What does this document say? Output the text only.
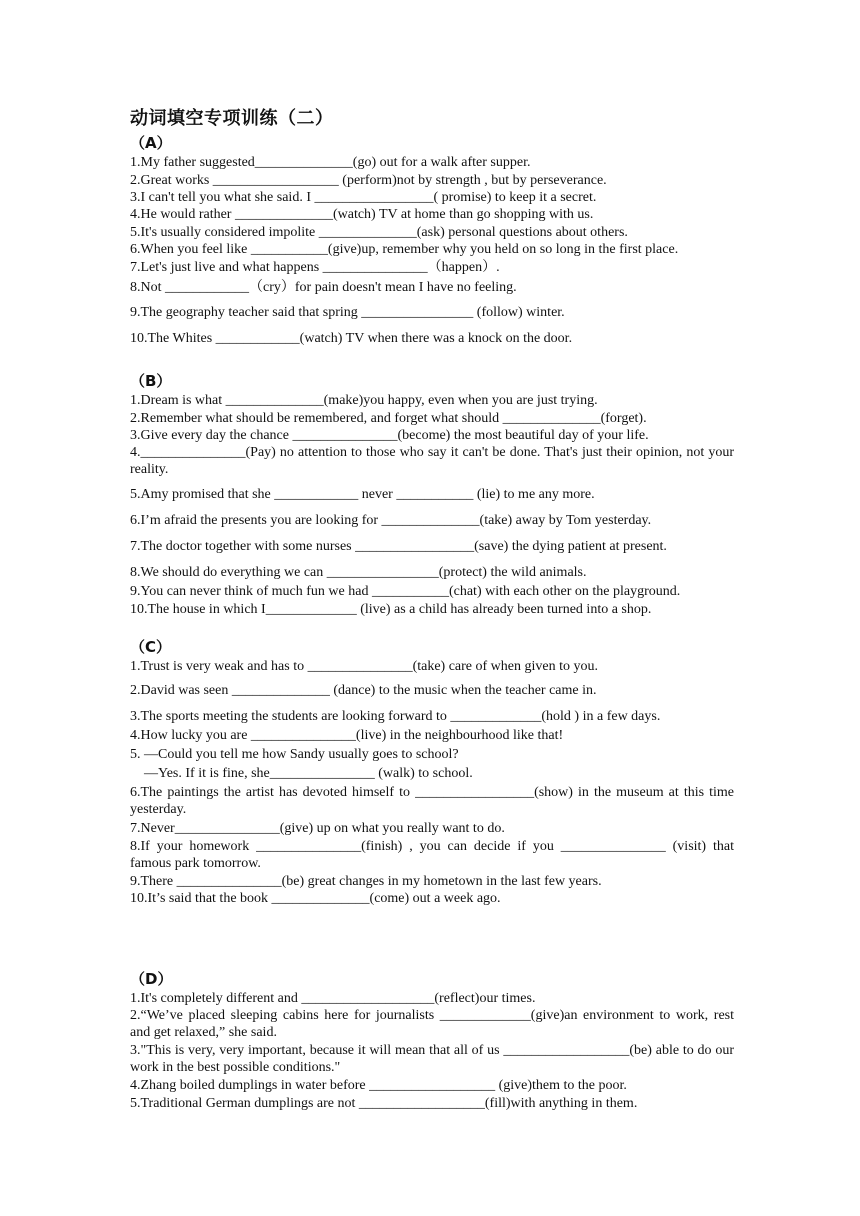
动词填空专项训练（二）
（A）
1.My father suggested______________(go) out for a walk after supper.
2.Great works __________________ (perform)not by strength , but by perseverance.
3.I can't tell you what she said. I _________________( promise) to keep it a secret.
4.He would rather ______________(watch) TV at home than go shopping with us.
5.It's usually considered impolite ______________(ask) personal questions about others.
6.When you feel like ___________(give)up, remember why you held on so long in the first place.
7.Let's just live and what happens _______________（happen）.
8.Not ____________（cry）for pain doesn't mean I have no feeling.
9.The geography teacher said that spring ________________ (follow) winter.
10.The Whites ____________(watch) TV when there was a knock on the door.
（B）
1.Dream is what ______________(make)you happy, even when you are just trying.
2.Remember what should be remembered, and forget what should ______________(forget).
3.Give every day the chance _______________(become) the most beautiful day of your life.
4._______________(Pay) no attention to those who say it can't be done. That's just their opinion, not your reality.
5.Amy promised that she ____________ never ___________ (lie) to me any more.
6.I’m afraid the presents you are looking for ______________(take) away by Tom yesterday.
7.The doctor together with some nurses _________________(save) the dying patient at present.
8.We should do everything we can ________________(protect) the wild animals.
9.You can never think of much fun we had ___________(chat) with each other on the playground.
10.The house in which I_____________ (live) as a child has already been turned into a shop.
（C）
1.Trust is very weak and has to _______________(take) care of when given to you.
2.David was seen ______________ (dance) to the music when the teacher came in.
3.The sports meeting the students are looking forward to _____________(hold ) in a few days.
4.How lucky you are _______________(live) in the neighbourhood like that!
5. —Could you tell me how Sandy usually goes to school?
—Yes. If it is fine, she_______________ (walk) to school.
6.The paintings the artist has devoted himself to _________________(show) in the museum at this time yesterday.
7.Never_______________(give) up on what you really want to do.
8.If your homework _______________(finish) , you can decide if you _______________ (visit) that famous park tomorrow.
9.There _______________(be) great changes in my hometown in the last few years.
10.It’s said that the book ______________(come) out a week ago.
（D）
1.It's completely different and ___________________(reflect)our times.
2.“We’ve placed sleeping cabins here for journalists _____________(give)an environment to work, rest and get relaxed,” she said.
3."This is very, very important, because it will mean that all of us __________________(be) able to do our work in the best possible conditions."
4.Zhang boiled dumplings in water before __________________ (give)them to the poor.
5.Traditional German dumplings are not __________________(fill)with anything in them.
